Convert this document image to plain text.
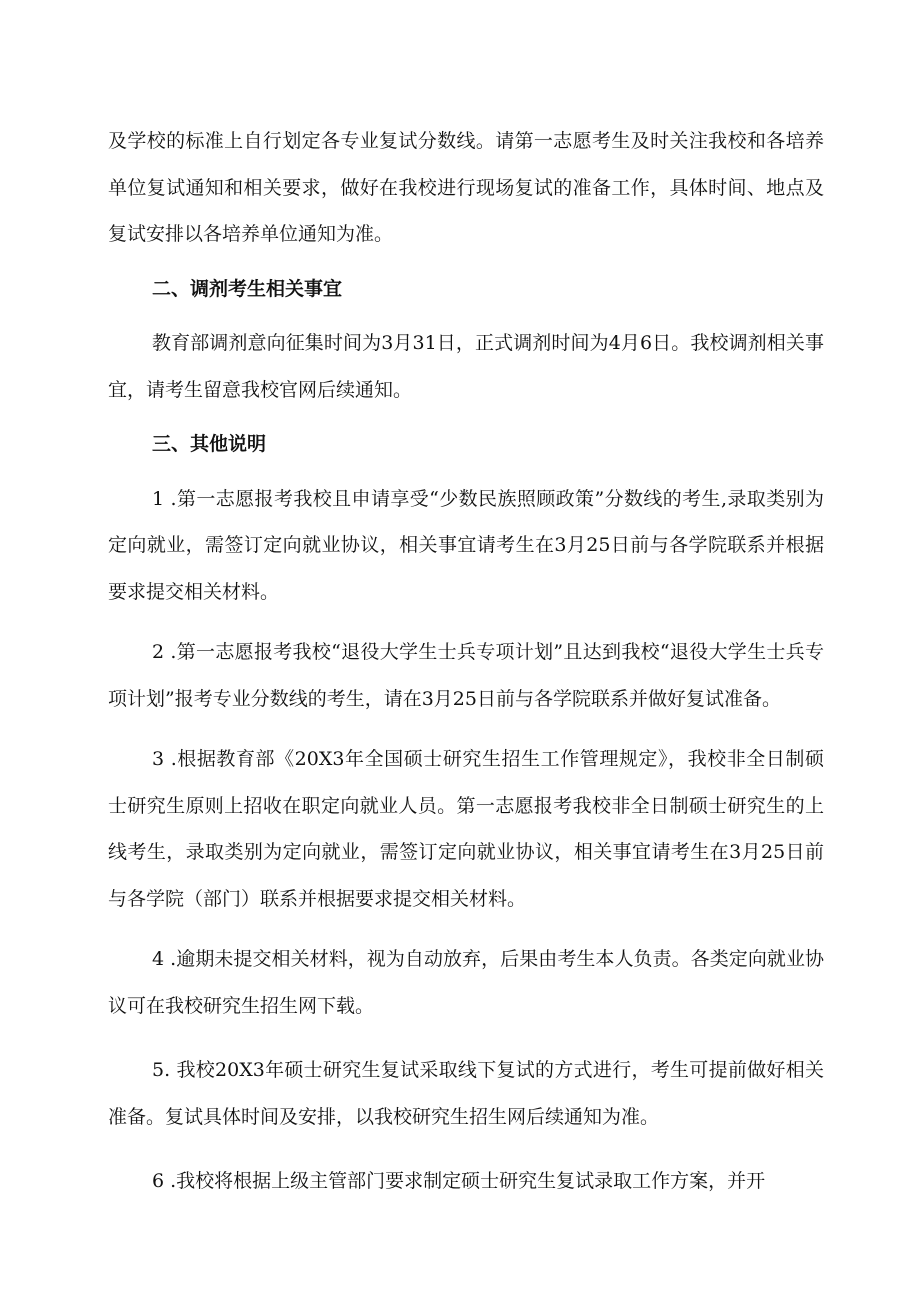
及学校的标准上自行划定各专业复试分数线。请第一志愿考生及时关注我校和各培养单位复试通知和相关要求，做好在我校进行现场复试的准备工作，具体时间、地点及复试安排以各培养单位通知为准。

二、调剂考生相关事宜

教育部调剂意向征集时间为3月31日，正式调剂时间为4月6日。我校调剂相关事宜，请考生留意我校官网后续通知。

三、其他说明

1 .第一志愿报考我校且申请享受“少数民族照顾政策”分数线的考生,录取类别为定向就业，需签订定向就业协议，相关事宜请考生在3月25日前与各学院联系并根据要求提交相关材料。

2 .第一志愿报考我校“退役大学生士兵专项计划”且达到我校“退役大学生士兵专项计划”报考专业分数线的考生，请在3月25日前与各学院联系并做好复试准备。

3 .根据教育部《20X3年全国硕士研究生招生工作管理规定》，我校非全日制硕士研究生原则上招收在职定向就业人员。第一志愿报考我校非全日制硕士研究生的上线考生，录取类别为定向就业，需签订定向就业协议，相关事宜请考生在3月25日前与各学院（部门）联系并根据要求提交相关材料。

4 .逾期未提交相关材料，视为自动放弃，后果由考生本人负责。各类定向就业协议可在我校研究生招生网下载。

5. 我校20X3年硕士研究生复试采取线下复试的方式进行，考生可提前做好相关准备。复试具体时间及安排，以我校研究生招生网后续通知为准。

6 .我校将根据上级主管部门要求制定硕士研究生复试录取工作方案，并开
